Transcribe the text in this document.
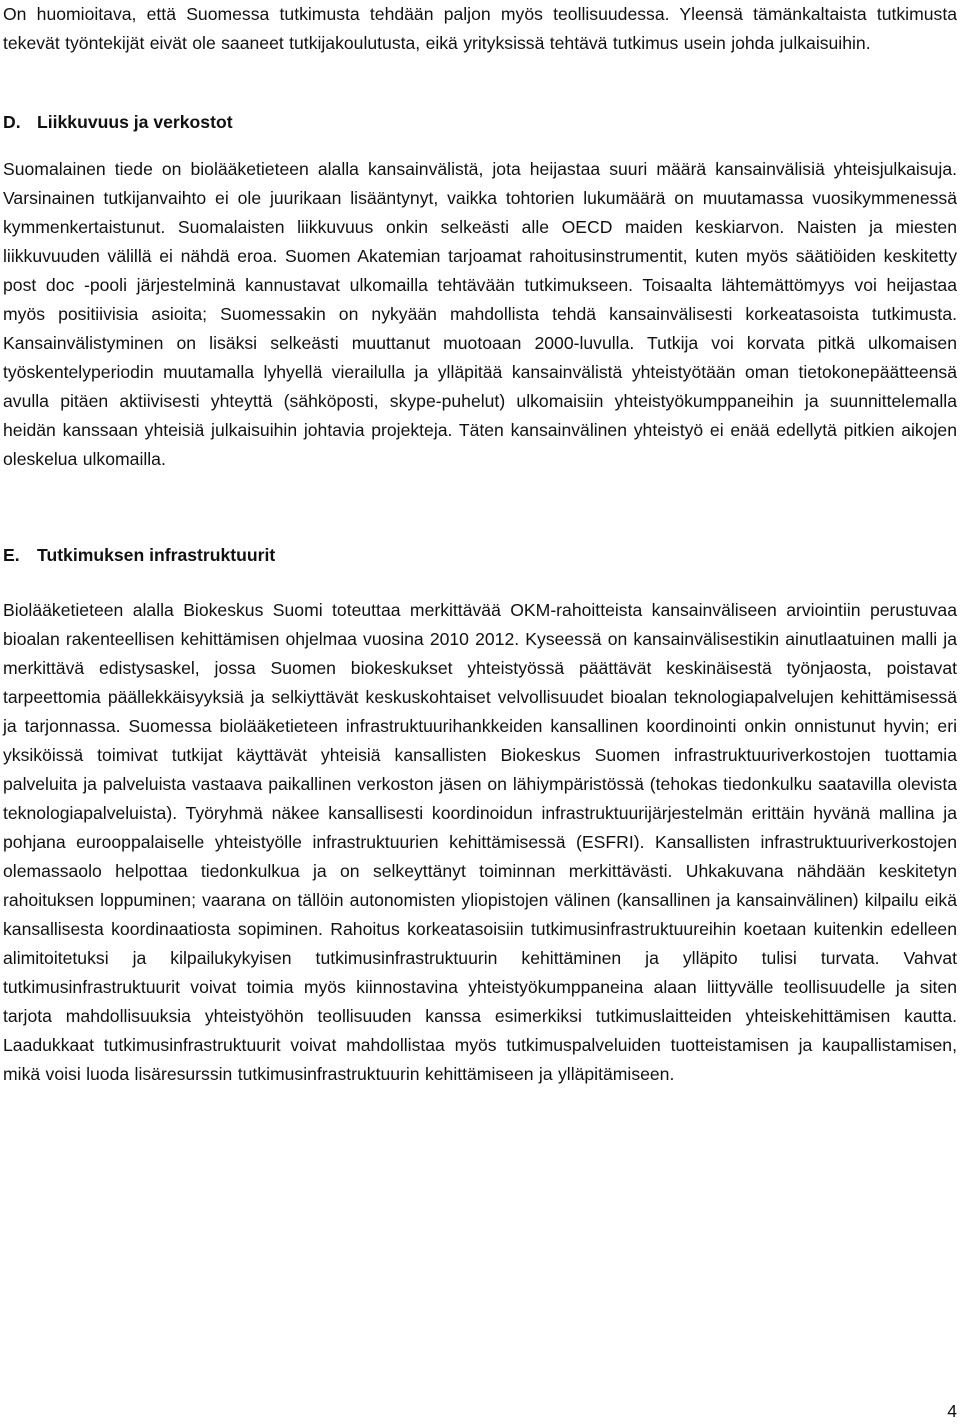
On huomioitava, että Suomessa tutkimusta tehdään paljon myös teollisuudessa. Yleensä tämänkaltaista tutkimusta tekevät työntekijät eivät ole saaneet tutkijakoulutusta, eikä yrityksissä tehtävä tutkimus usein johda julkaisuihin.

D. Liikkuvuus ja verkostot

Suomalainen tiede on biolääketieteen alalla kansainvälistä, jota heijastaa suuri määrä kansainvälisiä yhteisjulkaisuja. Varsinainen tutkijanvaihto ei ole juurikaan lisääntynyt, vaikka tohtorien lukumäärä on muutamassa vuosikymmenessä kymmenkertaistunut. Suomalaisten liikkuvuus onkin selkeästi alle OECD maiden keskiarvon. Naisten ja miesten liikkuvuuden välillä ei nähdä eroa. Suomen Akatemian tarjoamat rahoitusinstrumentit, kuten myös säätiöiden keskitetty post doc -pooli järjestelminä kannustavat ulkomailla tehtävään tutkimukseen. Toisaalta lähtemättömyys voi heijastaa myös positiivisia asioita; Suomessakin on nykyään mahdollista tehdä kansainvälisesti korkeatasoista tutkimusta. Kansainvälistyminen on lisäksi selkeästi muuttanut muotoaan 2000-luvulla. Tutkija voi korvata pitkä ulkomaisen työskentelyperiodin muutamalla lyhyellä vierailulla ja ylläpitää kansainvälistä yhteistyötään oman tietokonepäätteensä avulla pitäen aktiivisesti yhteyttä (sähköposti, skype-puhelut) ulkomaisiin yhteistyökumppaneihin ja suunnittelemalla heidän kanssaan yhteisiä julkaisuihin johtavia projekteja. Täten kansainvälinen yhteistyö ei enää edellytä pitkien aikojen oleskelua ulkomailla.

E. Tutkimuksen infrastruktuurit

Biolääketieteen alalla Biokeskus Suomi toteuttaa merkittävää OKM-rahoitteista kansainväliseen arviointiin perustuvaa bioalan rakenteellisen kehittämisen ohjelmaa vuosina 2010 2012. Kyseessä on kansainvälisestikin ainutlaatuinen malli ja merkittävä edistysaskel, jossa Suomen biokeskukset yhteistyössä päättävät keskinäisestä työnjaosta, poistavat tarpeettomia päällekkäisyyksiä ja selkiyttävät keskuskohtaiset velvollisuudet bioalan teknologiapalvelujen kehittämisessä ja tarjonnassa. Suomessa biolääketieteen infrastruktuurihankkeiden kansallinen koordinointi onkin onnistunut hyvin; eri yksiköissä toimivat tutkijat käyttävät yhteisiä kansallisten Biokeskus Suomen infrastruktuuriverkostojen tuottamia palveluita ja palveluista vastaava paikallinen verkoston jäsen on lähiympäristössä (tehokas tiedonkulku saatavilla olevista teknologiapalveluista). Työryhmä näkee kansallisesti koordinoidun infrastruktuurijärjestelmän erittäin hyvänä mallina ja pohjana eurooppalaiselle yhteistyölle infrastruktuurien kehittämisessä (ESFRI). Kansallisten infrastruktuuriverkostojen olemassaolo helpottaa tiedonkulkua ja on selkeyttänyt toiminnan merkittävästi. Uhkakuvana nähdään keskitetyn rahoituksen loppuminen; vaarana on tällöin autonomisten yliopistojen välinen (kansallinen ja kansainvälinen) kilpailu eikä kansallisesta koordinaatiosta sopiminen. Rahoitus korkeatasoisiin tutkimusinfrastruktuureihin koetaan kuitenkin edelleen alimitoitetuksi ja kilpailukykyisen tutkimusinfrastruktuurin kehittäminen ja ylläpito tulisi turvata. Vahvat tutkimusinfrastruktuurit voivat toimia myös kiinnostavina yhteistyökumppaneina alaan liittyvälle teollisuudelle ja siten tarjota mahdollisuuksia yhteistyöhön teollisuuden kanssa esimerkiksi tutkimuslaitteiden yhteiskehittämisen kautta. Laadukkaat tutkimusinfrastruktuurit voivat mahdollistaa myös tutkimuspalveluiden tuotteistamisen ja kaupallistamisen, mikä voisi luoda lisäresurssin tutkimusinfrastruktuurin kehittämiseen ja ylläpitämiseen.

4
